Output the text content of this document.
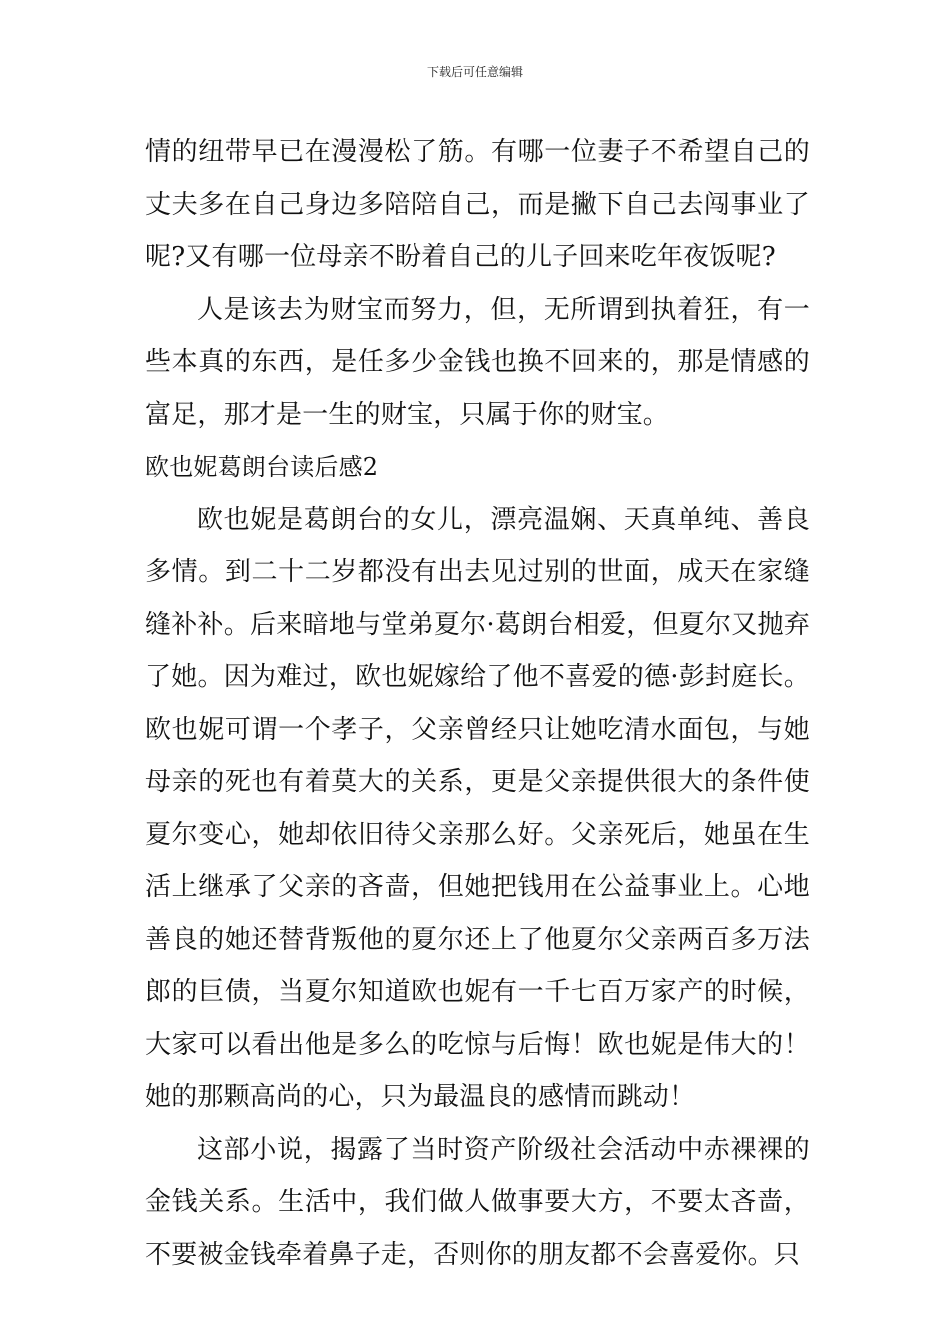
下载后可任意编辑

情的纽带早已在漫漫松了筋。有哪一位妻子不希望自己的丈夫多在自己身边多陪陪自己，而是撇下自己去闯事业了呢?又有哪一位母亲不盼着自己的儿子回来吃年夜饭呢?

人是该去为财宝而努力，但，无所谓到执着狂，有一些本真的东西，是任多少金钱也换不回来的，那是情感的富足，那才是一生的财宝，只属于你的财宝。

欧也妮葛朗台读后感2

欧也妮是葛朗台的女儿，漂亮温娴、天真单纯、善良多情。到二十二岁都没有出去见过别的世面，成天在家缝缝补补。后来暗地与堂弟夏尔·葛朗台相爱，但夏尔又抛弃了她。因为难过，欧也妮嫁给了他不喜爱的德·彭封庭长。欧也妮可谓一个孝子，父亲曾经只让她吃清水面包，与她母亲的死也有着莫大的关系，更是父亲提供很大的条件使夏尔变心，她却依旧待父亲那么好。父亲死后，她虽在生活上继承了父亲的吝啬，但她把钱用在公益事业上。心地善良的她还替背叛他的夏尔还上了他夏尔父亲两百多万法郎的巨债，当夏尔知道欧也妮有一千七百万家产的时候，大家可以看出他是多么的吃惊与后悔！欧也妮是伟大的！她的那颗高尚的心，只为最温良的感情而跳动！

这部小说，揭露了当时资产阶级社会活动中赤裸裸的金钱关系。生活中，我们做人做事要大方，不要太吝啬，不要被金钱牵着鼻子走，否则你的朋友都不会喜爱你。只
